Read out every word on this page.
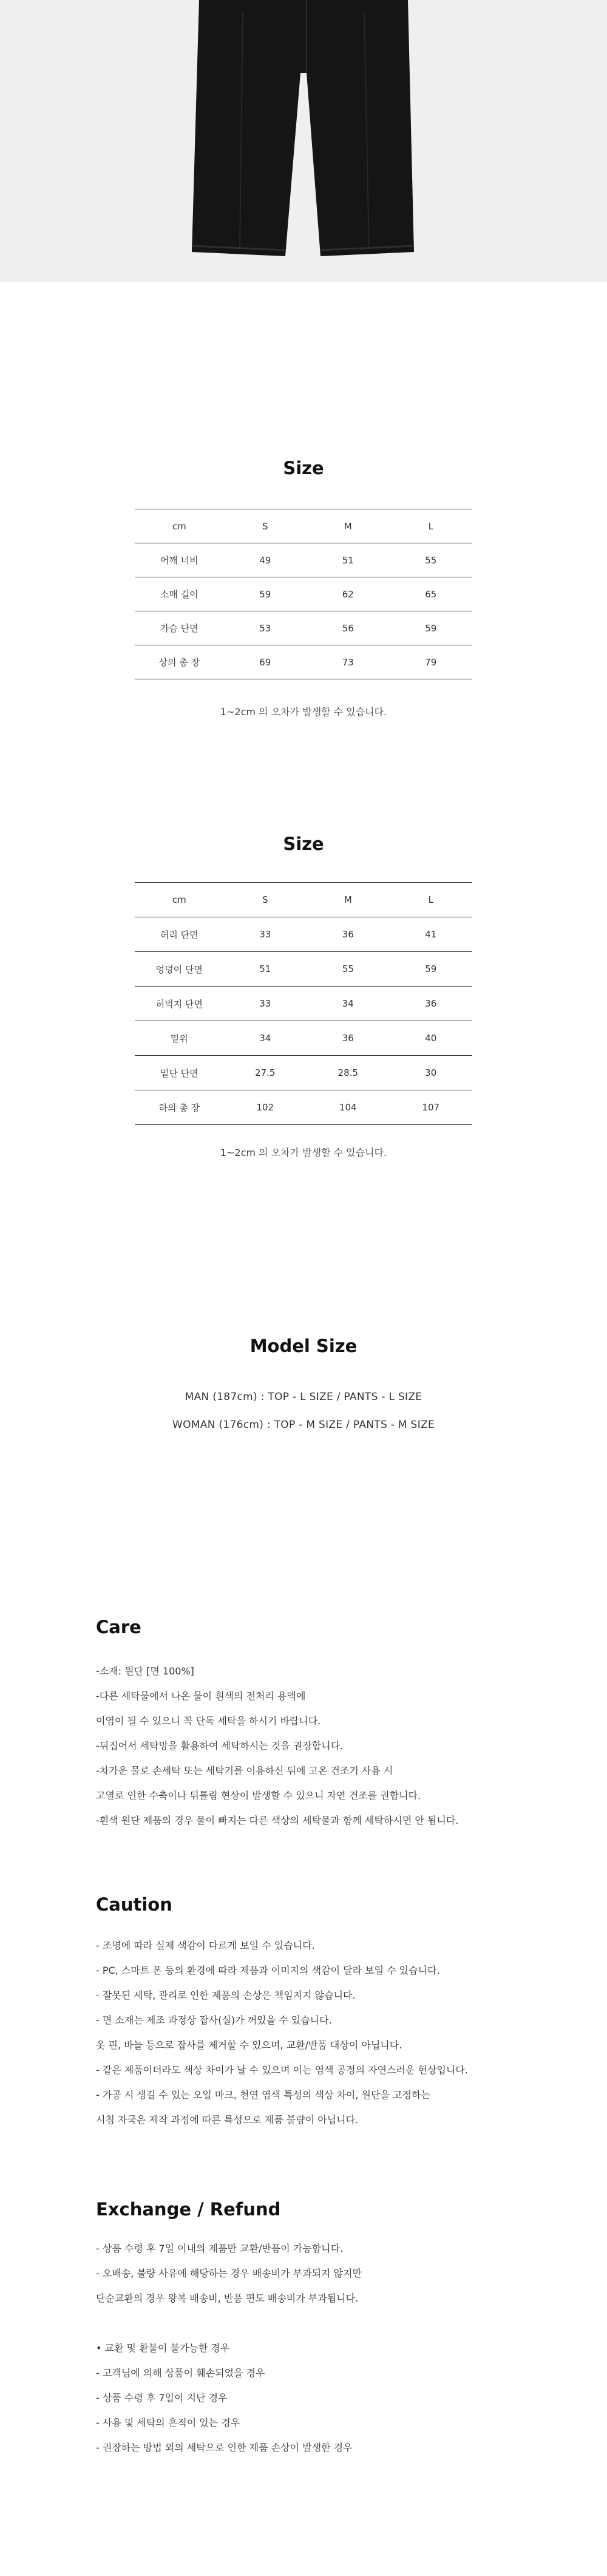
Size
cm	S	M	L
어깨 너비	49	51	55
소매 길이	59	62	65
가슴 단면	53	56	59
상의 총 장	69	73	79
1~2cm 의 오차가 발생할 수 있습니다.
Size
cm	S	M	L
허리 단면	33	36	41
엉덩이 단면	51	55	59
허벅지 단면	33	34	36
밑위	34	36	40
밑단 단면	27.5	28.5	30
하의 총 장	102	104	107
1~2cm 의 오차가 발생할 수 있습니다.
Model Size
MAN (187cm) : TOP - L SIZE / PANTS - L SIZE
WOMAN (176cm) : TOP - M SIZE / PANTS - M SIZE
Care
-소재: 원단 [면 100%]
-다른 세탁물에서 나온 물이 흰색의 전처리 용액에
이염이 될 수 있으니 꼭 단독 세탁을 하시기 바랍니다.
-뒤집어서 세탁망을 활용하여 세탁하시는 것을 권장합니다.
-차가운 물로 손세탁 또는 세탁기를 이용하신 뒤에 고온 건조기 사용 시
고열로 인한 수축이나 뒤틀림 현상이 발생할 수 있으니 자연 건조를 권합니다.
-흰색 원단 제품의 경우 물이 빠지는 다른 색상의 세탁물과 함께 세탁하시면 안 됩니다.
Caution
- 조명에 따라 실제 색감이 다르게 보일 수 있습니다.
- PC, 스마트 폰 등의 환경에 따라 제품과 이미지의 색감이 달라 보일 수 있습니다.
- 잘못된 세탁, 관리로 인한 제품의 손상은 책임지지 않습니다.
- 면 소재는 제조 과정상 잡사(실)가 꺼있을 수 있습니다.
옷 핀, 바늘 등으로 잡사를 제거할 수 있으며, 교환/반품 대상이 아닙니다.
- 같은 제품이더라도 색상 차이가 날 수 있으며 이는 염색 공정의 자연스러운 현상입니다.
- 가공 시 생길 수 있는 오일 마크, 천연 염색 특성의 색상 차이, 원단을 고정하는
시침 자국은 제작 과정에 따른 특성으로 제품 불량이 아닙니다.
Exchange / Refund
- 상품 수령 후 7일 이내의 제품만 교환/반품이 가능합니다.
- 오배송, 불량 사유에 해당하는 경우 배송비가 부과되지 않지만
단순교환의 경우 왕복 배송비, 반품 편도 배송비가 부과됩니다.
• 교환 및 환불이 불가능한 경우
- 고객님에 의해 상품이 훼손되었을 경우
- 상품 수령 후 7일이 지난 경우
- 사용 및 세탁의 흔적이 있는 경우
- 권장하는 방법 외의 세탁으로 인한 제품 손상이 발생한 경우
